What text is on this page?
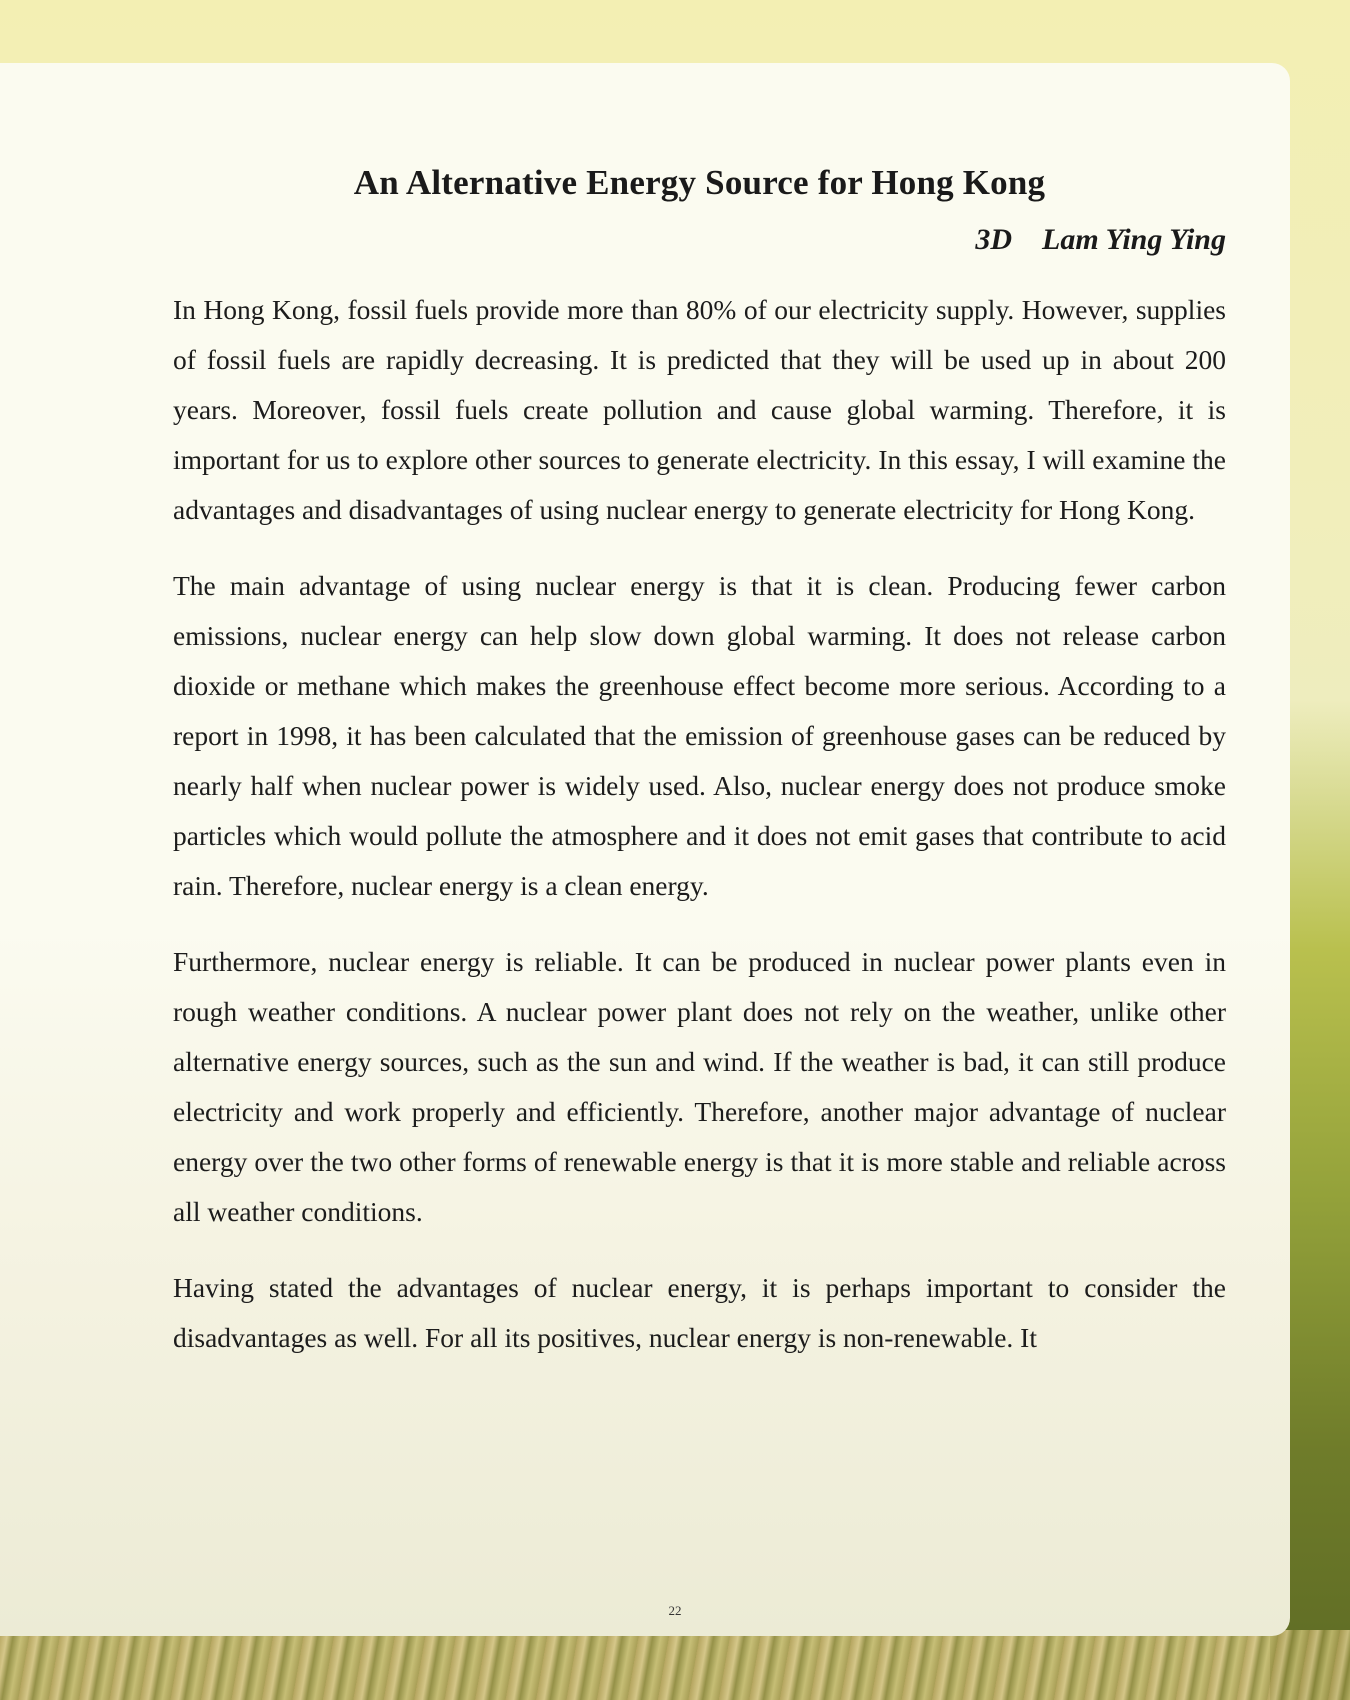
An Alternative Energy Source for Hong Kong
3D Lam Ying Ying

In Hong Kong, fossil fuels provide more than 80% of our electricity supply. However, supplies of fossil fuels are rapidly decreasing. It is predicted that they will be used up in about 200 years. Moreover, fossil fuels create pollution and cause global warming. Therefore, it is important for us to explore other sources to generate electricity. In this essay, I will examine the advantages and disadvantages of using nuclear energy to generate electricity for Hong Kong.

The main advantage of using nuclear energy is that it is clean. Producing fewer carbon emissions, nuclear energy can help slow down global warming. It does not release carbon dioxide or methane which makes the greenhouse effect become more serious. According to a report in 1998, it has been calculated that the emission of greenhouse gases can be reduced by nearly half when nuclear power is widely used. Also, nuclear energy does not produce smoke particles which would pollute the atmosphere and it does not emit gases that contribute to acid rain. Therefore, nuclear energy is a clean energy.

Furthermore, nuclear energy is reliable. It can be produced in nuclear power plants even in rough weather conditions. A nuclear power plant does not rely on the weather, unlike other alternative energy sources, such as the sun and wind. If the weather is bad, it can still produce electricity and work properly and efficiently. Therefore, another major advantage of nuclear energy over the two other forms of renewable energy is that it is more stable and reliable across all weather conditions.

Having stated the advantages of nuclear energy, it is perhaps important to consider the disadvantages as well. For all its positives, nuclear energy is non-renewable. It

22
